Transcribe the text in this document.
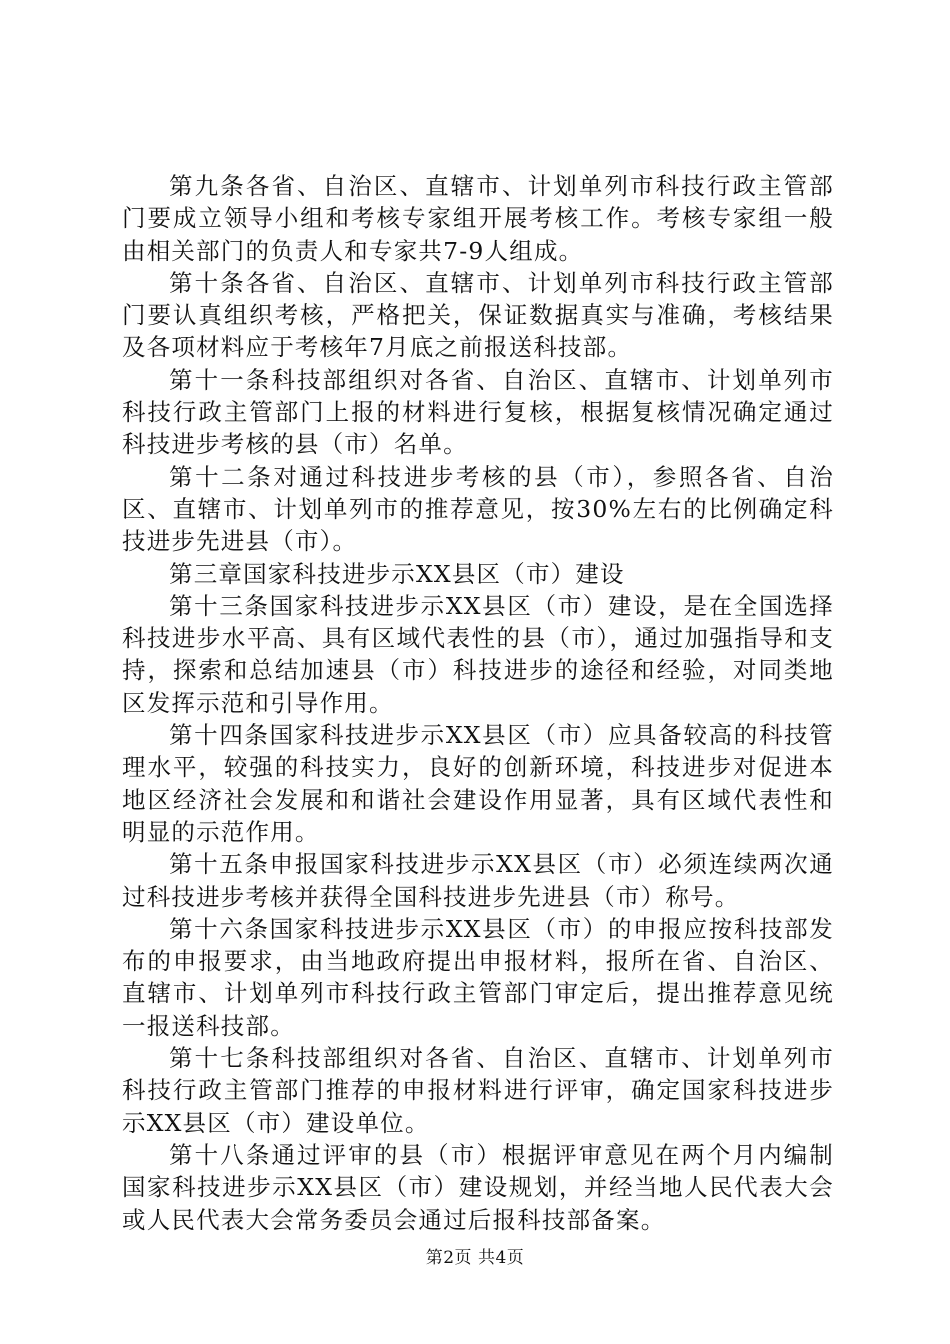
第九条各省、自治区、直辖市、计划单列市科技行政主管部门要成立领导小组和考核专家组开展考核工作。考核专家组一般由相关部门的负责人和专家共7-9人组成。

第十条各省、自治区、直辖市、计划单列市科技行政主管部门要认真组织考核，严格把关，保证数据真实与准确，考核结果及各项材料应于考核年7月底之前报送科技部。

第十一条科技部组织对各省、自治区、直辖市、计划单列市科技行政主管部门上报的材料进行复核，根据复核情况确定通过科技进步考核的县（市）名单。

第十二条对通过科技进步考核的县（市），参照各省、自治区、直辖市、计划单列市的推荐意见，按30%左右的比例确定科技进步先进县（市）。

第三章国家科技进步示XX县区（市）建设

第十三条国家科技进步示XX县区（市）建设，是在全国选择科技进步水平高、具有区域代表性的县（市），通过加强指导和支持，探索和总结加速县（市）科技进步的途径和经验，对同类地区发挥示范和引导作用。

第十四条国家科技进步示XX县区（市）应具备较高的科技管理水平，较强的科技实力，良好的创新环境，科技进步对促进本地区经济社会发展和和谐社会建设作用显著，具有区域代表性和明显的示范作用。

第十五条申报国家科技进步示XX县区（市）必须连续两次通过科技进步考核并获得全国科技进步先进县（市）称号。

第十六条国家科技进步示XX县区（市）的申报应按科技部发布的申报要求，由当地政府提出申报材料，报所在省、自治区、直辖市、计划单列市科技行政主管部门审定后，提出推荐意见统一报送科技部。

第十七条科技部组织对各省、自治区、直辖市、计划单列市科技行政主管部门推荐的申报材料进行评审，确定国家科技进步示XX县区（市）建设单位。

第十八条通过评审的县（市）根据评审意见在两个月内编制国家科技进步示XX县区（市）建设规划，并经当地人民代表大会或人民代表大会常务委员会通过后报科技部备案。

第2页 共4页
